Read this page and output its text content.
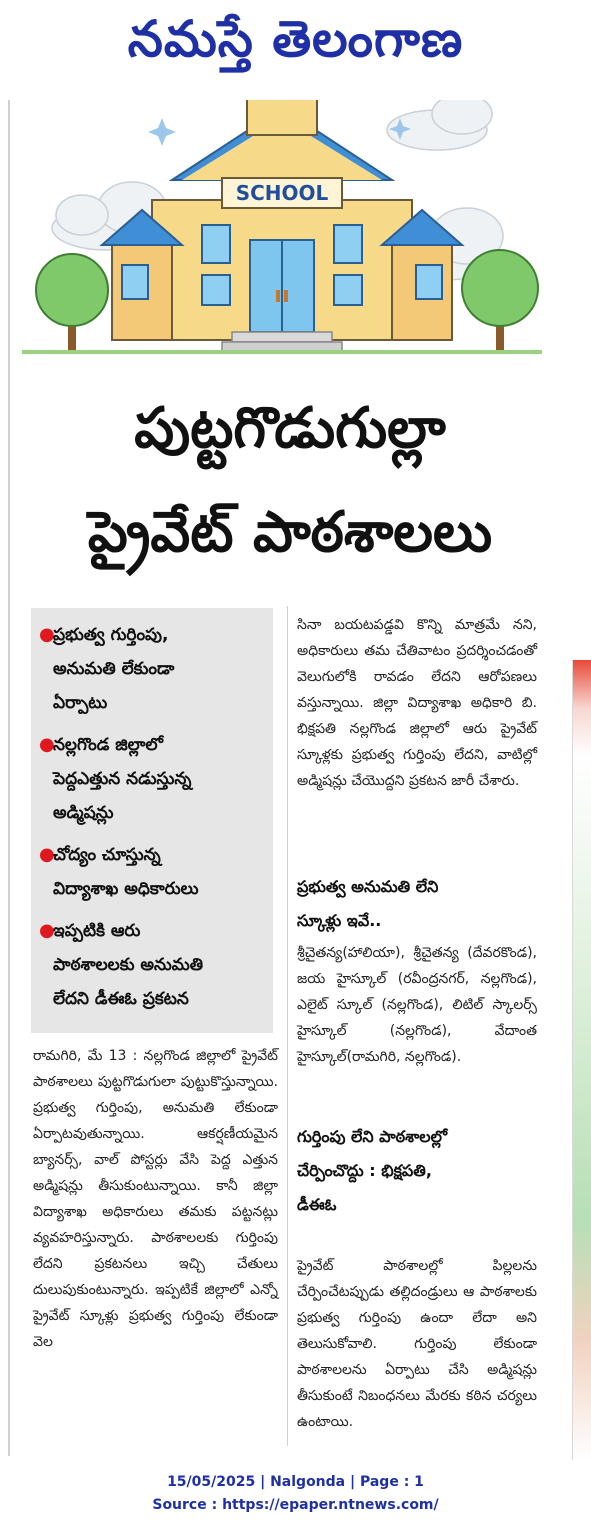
నమస్తే తెలంగాణ
SCHOOL
పుట్టగొడుగుల్లా
ప్రైవేట్ పాఠశాలలు
●
ప్రభుత్వ గుర్తింపు,
అనుమతి లేకుండా
ఏర్పాటు
●
నల్లగొండ జిల్లాలో
పెద్దఎత్తున నడుస్తున్న
అడ్మిషన్లు
●
చోద్యం చూస్తున్న
విద్యాశాఖ అధికారులు
●
ఇప్పటికి ఆరు
పాఠశాలలకు అనుమతి
లేదని డీఈఓ ప్రకటన
రామగిరి, మే 13 : నల్లగొండ జిల్లాలో ప్రైవేట్ పాఠశాలలు పుట్టగొడుగులా పుట్టుకొస్తున్నాయి. ప్రభుత్వ గుర్తింపు, అనుమతి లేకుండా ఏర్పాటవుతున్నాయి. ఆకర్షణీయమైన బ్యానర్స్, వాల్ పోస్టర్లు వేసి పెద్ద ఎత్తున అడ్మిషన్లు తీసుకుంటున్నాయి. కానీ జిల్లా విద్యాశాఖ అధికారులు తమకు పట్టనట్లు వ్యవహరిస్తున్నారు. పాఠశాలలకు గుర్తింపు లేదని ప్రకటనలు ఇచ్చి చేతులు దులుపుకుంటున్నారు. ఇప్పటికే జిల్లాలో ఎన్నో ప్రైవేట్ స్కూళ్లు ప్రభుత్వ గుర్తింపు లేకుండా వెల
సినా బయటపడ్డవి కొన్ని మాత్రమే నని, అధికారులు తమ చేతివాటం ప్రదర్శించడంతో వెలుగులోకి రావడం లేదని ఆరోపణలు వస్తున్నాయి. జిల్లా విద్యాశాఖ అధికారి బి. భిక్షపతి నల్లగొండ జిల్లాలో ఆరు ప్రైవేట్ స్కూళ్లకు ప్రభుత్వ గుర్తింపు లేదని, వాటిల్లో అడ్మిషన్లు చేయొద్దని ప్రకటన జారీ చేశారు.
ప్రభుత్వ అనుమతి లేని
స్కూళ్లు ఇవే..
శ్రీచైతన్య(హాలియా), శ్రీచైతన్య (దేవరకొండ), జయ హైస్కూల్ (రవీంద్రనగర్, నల్లగొండ), ఎలైట్ స్కూల్ (నల్లగొండ), లిటిల్ స్కాలర్స్ హైస్కూల్ (నల్లగొండ), వేదాంత హైస్కూల్(రామగిరి, నల్లగొండ).
గుర్తింపు లేని పాఠశాలల్లో
చేర్పించొద్దు : భిక్షపతి,
డీఈఓ
ప్రైవేట్ పాఠశాలల్లో పిల్లలను చేర్పించేటప్పుడు తల్లిదండ్రులు ఆ పాఠశాలకు ప్రభుత్వ గుర్తింపు ఉందా లేదా అని తెలుసుకోవాలి. గుర్తింపు లేకుండా పాఠశాలలను ఏర్పాటు చేసి అడ్మిషన్లు తీసుకుంటే నిబంధనలు మేరకు కఠిన చర్యలు ఉంటాయి.
15/05/2025 | Nalgonda | Page : 1
Source : https://epaper.ntnews.com/
